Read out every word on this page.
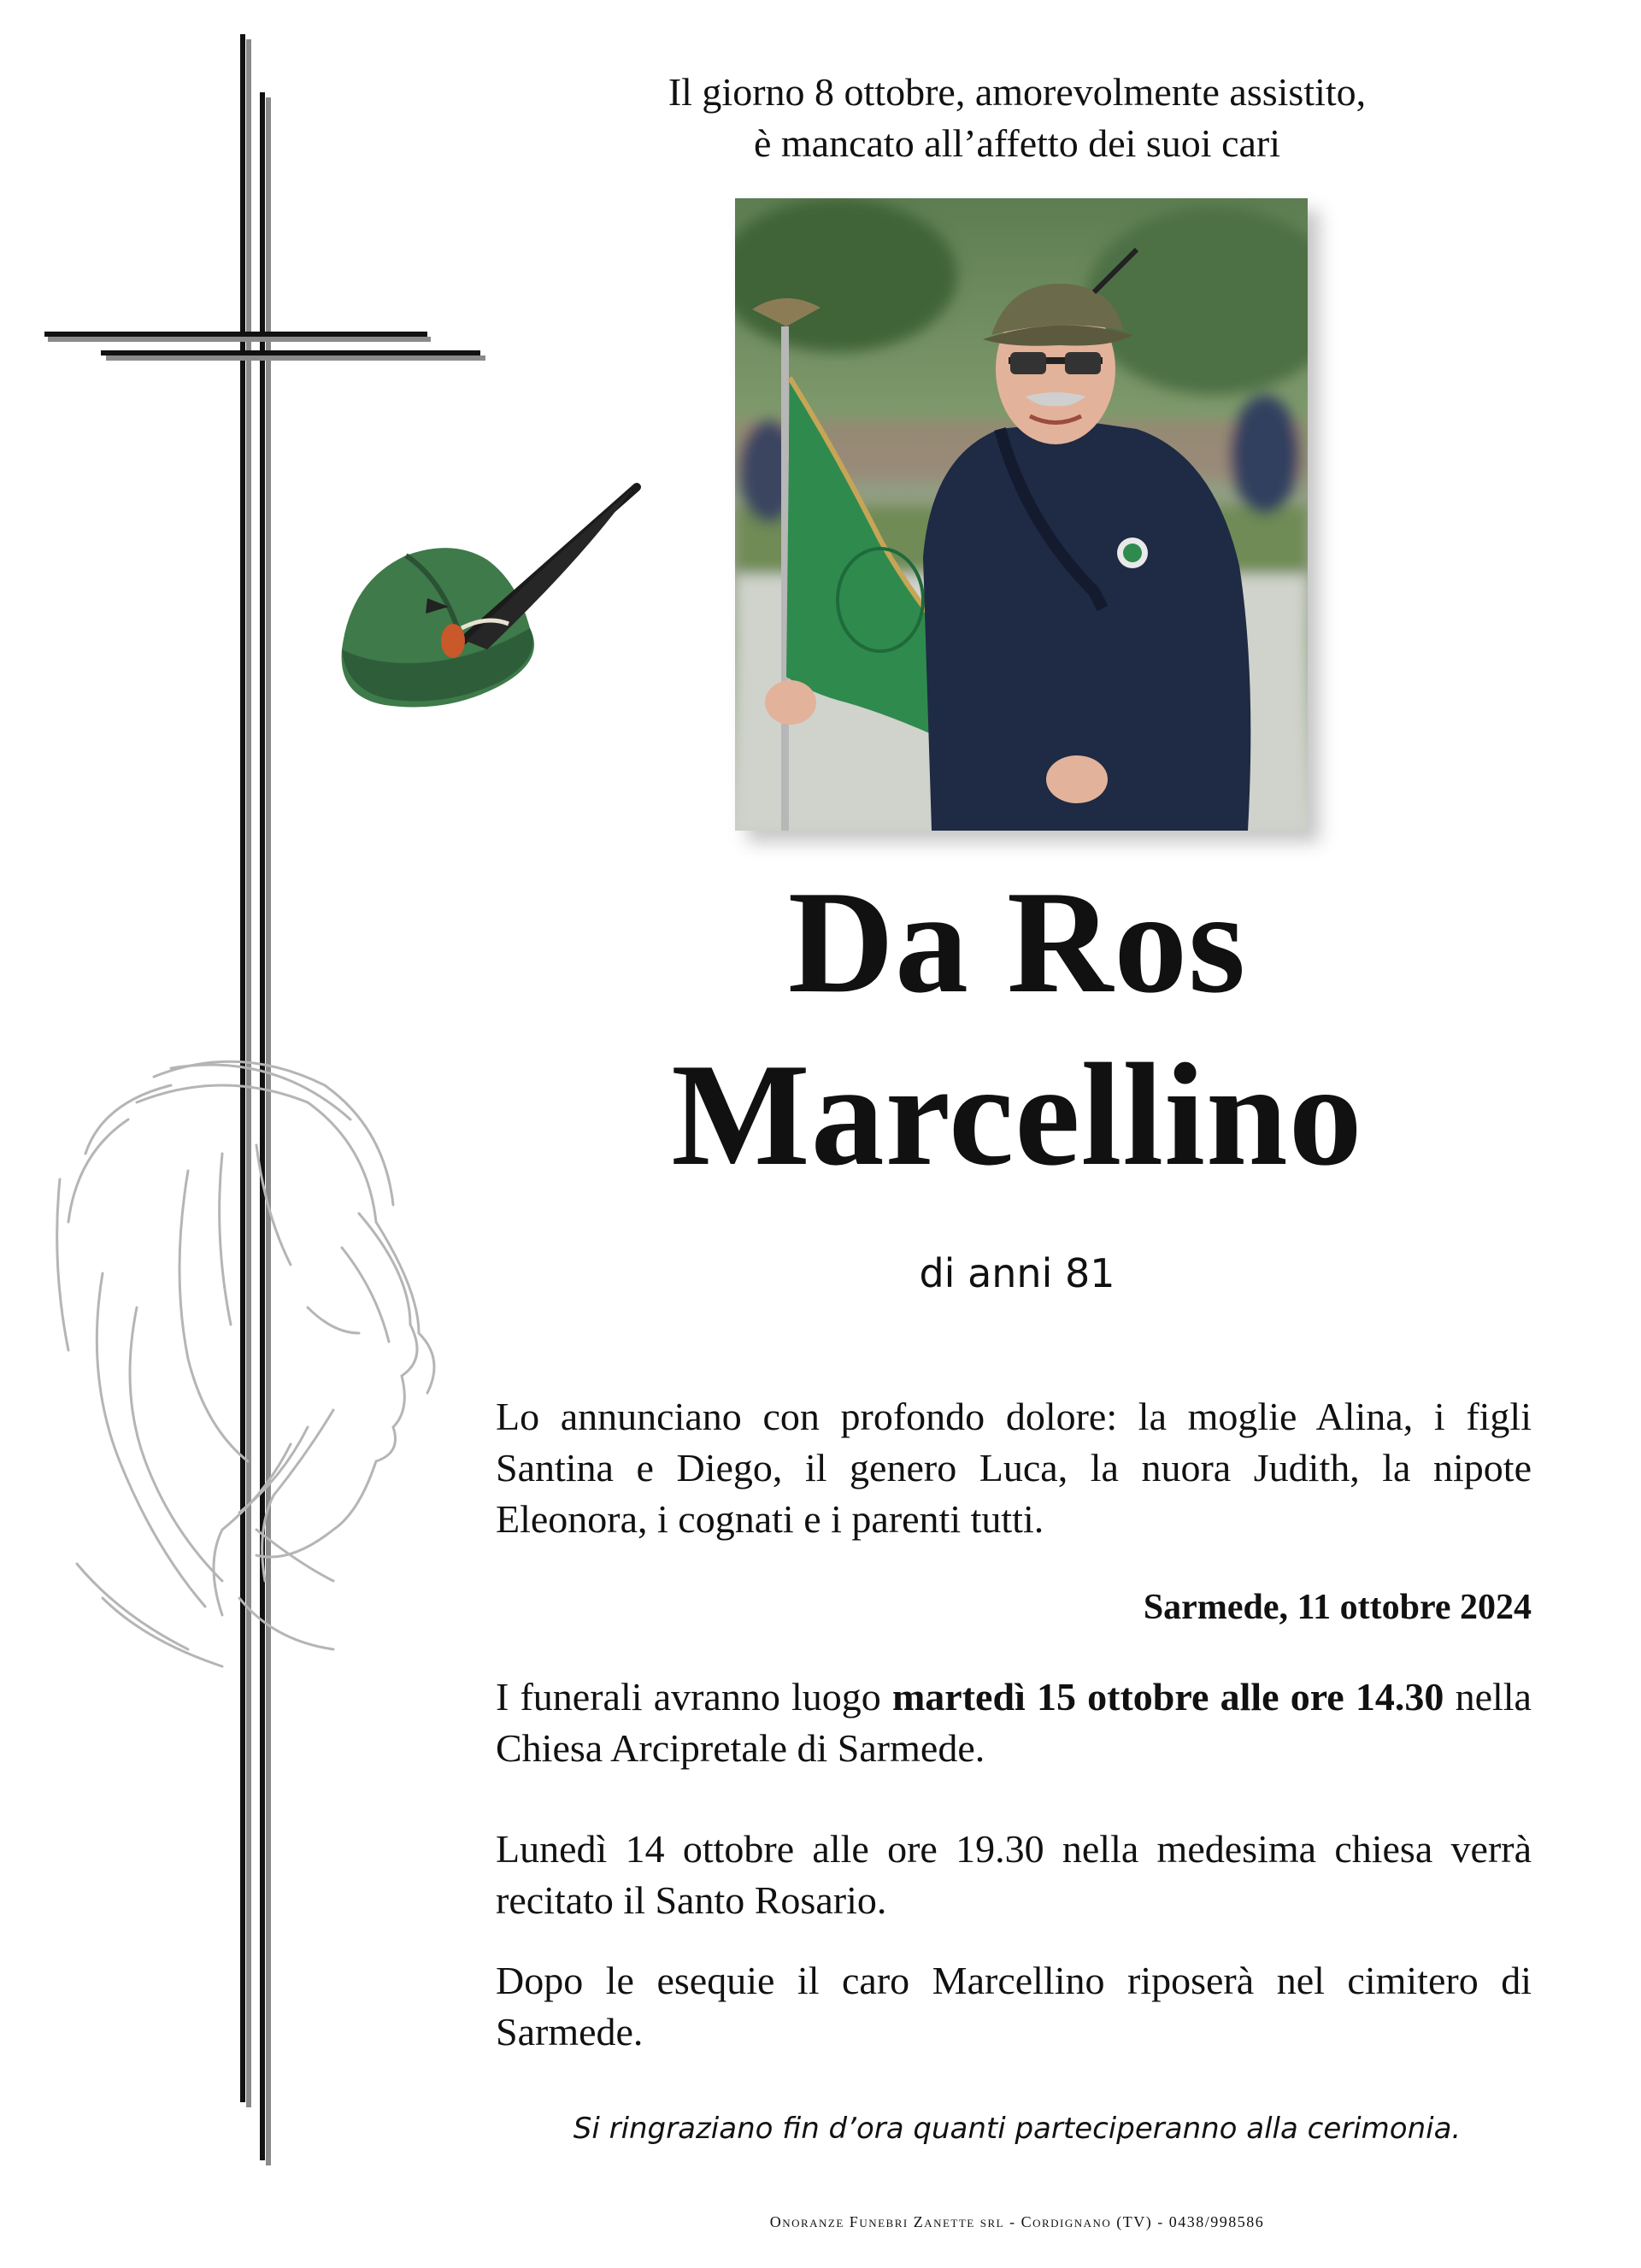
Il giorno 8 ottobre, amorevolmente assistito,
è mancato all’affetto dei suoi cari
Da Ros
Marcellino
di anni 81
Lo annunciano con profondo dolore: la moglie Alina, i figli Santina e Diego, il genero Luca, la nuora Judith, la nipote Eleonora, i cognati e i parenti tutti.
Sarmede, 11 ottobre 2024
I funerali avranno luogo martedì 15 ottobre alle ore 14.30 nella Chiesa Arcipretale di Sarmede.
Lunedì 14 ottobre alle ore 19.30 nella medesima chiesa verrà recitato il Santo Rosario.
Dopo le esequie il caro Marcellino riposerà nel cimitero di Sarmede.
Si ringraziano fin d’ora quanti parteciperanno alla cerimonia.
Onoranze Funebri Zanette srl - Cordignano (TV) - 0438/998586
